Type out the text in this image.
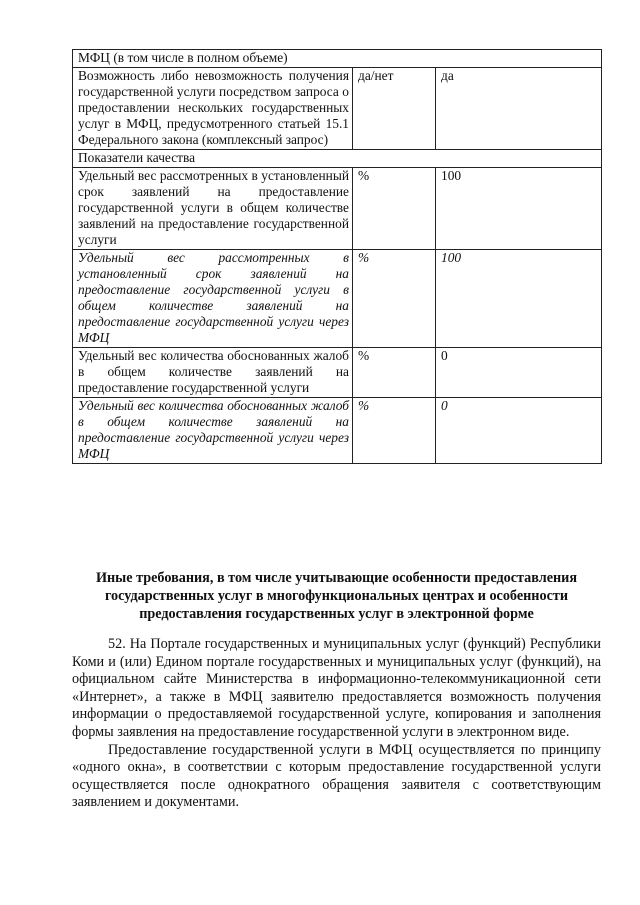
МФЦ (в том числе в полном объеме)		
Возможность либо невозможность получения государственной услуги посредством запроса о предоставлении нескольких государственных услуг в МФЦ, предусмотренного статьей 15.1 Федерального закона (комплексный запрос)	да/нет	да
Показатели качества		
Удельный вес рассмотренных в установленный срок заявлений на предоставление государственной услуги в общем количестве заявлений на предоставление государственной услуги	%	100
Удельный вес рассмотренных в установленный срок заявлений на предоставление государственной услуги в общем количестве заявлений на предоставление государственной услуги через МФЦ	%	100
Удельный вес количества обоснованных жалоб в общем количестве заявлений на предоставление государственной услуги	%	0
Удельный вес количества обоснованных жалоб в общем количестве заявлений на предоставление государственной услуги через МФЦ	%	0
Иные требования, в том числе учитывающие особенности предоставления государственных услуг в многофункциональных центрах и особенности предоставления государственных услуг в электронной форме

52. На Портале государственных и муниципальных услуг (функций) Республики Коми и (или) Едином портале государственных и муниципальных услуг (функций), на официальном сайте Министерства в информационно-телекоммуникационной сети «Интернет», а также в МФЦ заявителю предоставляется возможность получения информации о предоставляемой государственной услуге, копирования и заполнения формы заявления на предоставление государственной услуги в электронном виде.

Предоставление государственной услуги в МФЦ осуществляется по принципу «одного окна», в соответствии с которым предоставление государственной услуги осуществляется после однократного обращения заявителя с соответствующим заявлением и документами.
